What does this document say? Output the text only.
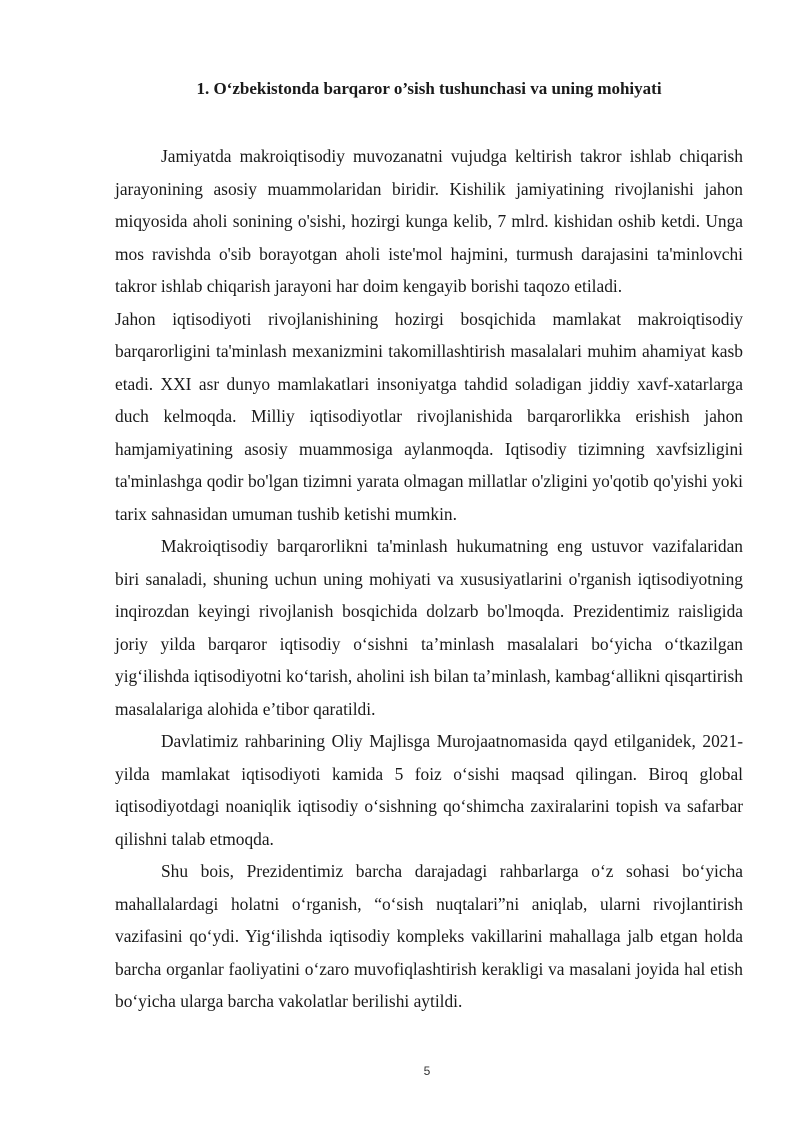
1. O‘zbekistonda barqaror o’sish tushunchasi va uning mohiyati

Jamiyatda makroiqtisodiy muvozanatni vujudga keltirish takror ishlab chiqarish jarayonining asosiy muammolaridan biridir. Kishilik jamiyatining rivojlanishi jahon miqyosida aholi sonining o'sishi, hozirgi kunga kelib, 7 mlrd. kishidan oshib ketdi. Unga mos ravishda o'sib borayotgan aholi iste'mol hajmini, turmush darajasini ta'minlovchi takror ishlab chiqarish jarayoni har doim kengayib borishi taqozo etiladi.

Jahon iqtisodiyoti rivojlanishining hozirgi bosqichida mamlakat makroiqtisodiy barqarorligini ta'minlash mexanizmini takomillashtirish masalalari muhim ahamiyat kasb etadi. XXI asr dunyo mamlakatlari insoniyatga tahdid soladigan jiddiy xavf-xatarlarga duch kelmoqda. Milliy iqtisodiyotlar rivojlanishida barqarorlikka erishish jahon hamjamiyatining asosiy muammosiga aylanmoqda. Iqtisodiy tizimning xavfsizligini ta'minlashga qodir bo'lgan tizimni yarata olmagan millatlar o'zligini yo'qotib qo'yishi yoki tarix sahnasidan umuman tushib ketishi mumkin.

Makroiqtisodiy barqarorlikni ta'minlash hukumatning eng ustuvor vazifalaridan biri sanaladi, shuning uchun uning mohiyati va xususiyatlarini o'rganish iqtisodiyotning inqirozdan keyingi rivojlanish bosqichida dolzarb bo'lmoqda. Prezidentimiz raisligida joriy yilda barqaror iqtisodiy o‘sishni ta’minlash masalalari bo‘yicha o‘tkazilgan yig‘ilishda iqtisodiyotni ko‘tarish, aholini ish bilan ta’minlash, kambag‘allikni qisqartirish masalalariga alohida e’tibor qaratildi.

Davlatimiz rahbarining Oliy Majlisga Murojaatnomasida qayd etilganidek, 2021-yilda mamlakat iqtisodiyoti kamida 5 foiz o‘sishi maqsad qilingan. Biroq global iqtisodiyotdagi noaniqlik iqtisodiy o‘sishning qo‘shimcha zaxiralarini topish va safarbar qilishni talab etmoqda.

Shu bois, Prezidentimiz barcha darajadagi rahbarlarga o‘z sohasi bo‘yicha mahallalardagi holatni o‘rganish, “o‘sish nuqtalari”ni aniqlab, ularni rivojlantirish vazifasini qo‘ydi. Yig‘ilishda iqtisodiy kompleks vakillarini mahallaga jalb etgan holda barcha organlar faoliyatini o‘zaro muvofiqlashtirish kerakligi va masalani joyida hal etish bo‘yicha ularga barcha vakolatlar berilishi aytildi.

5
